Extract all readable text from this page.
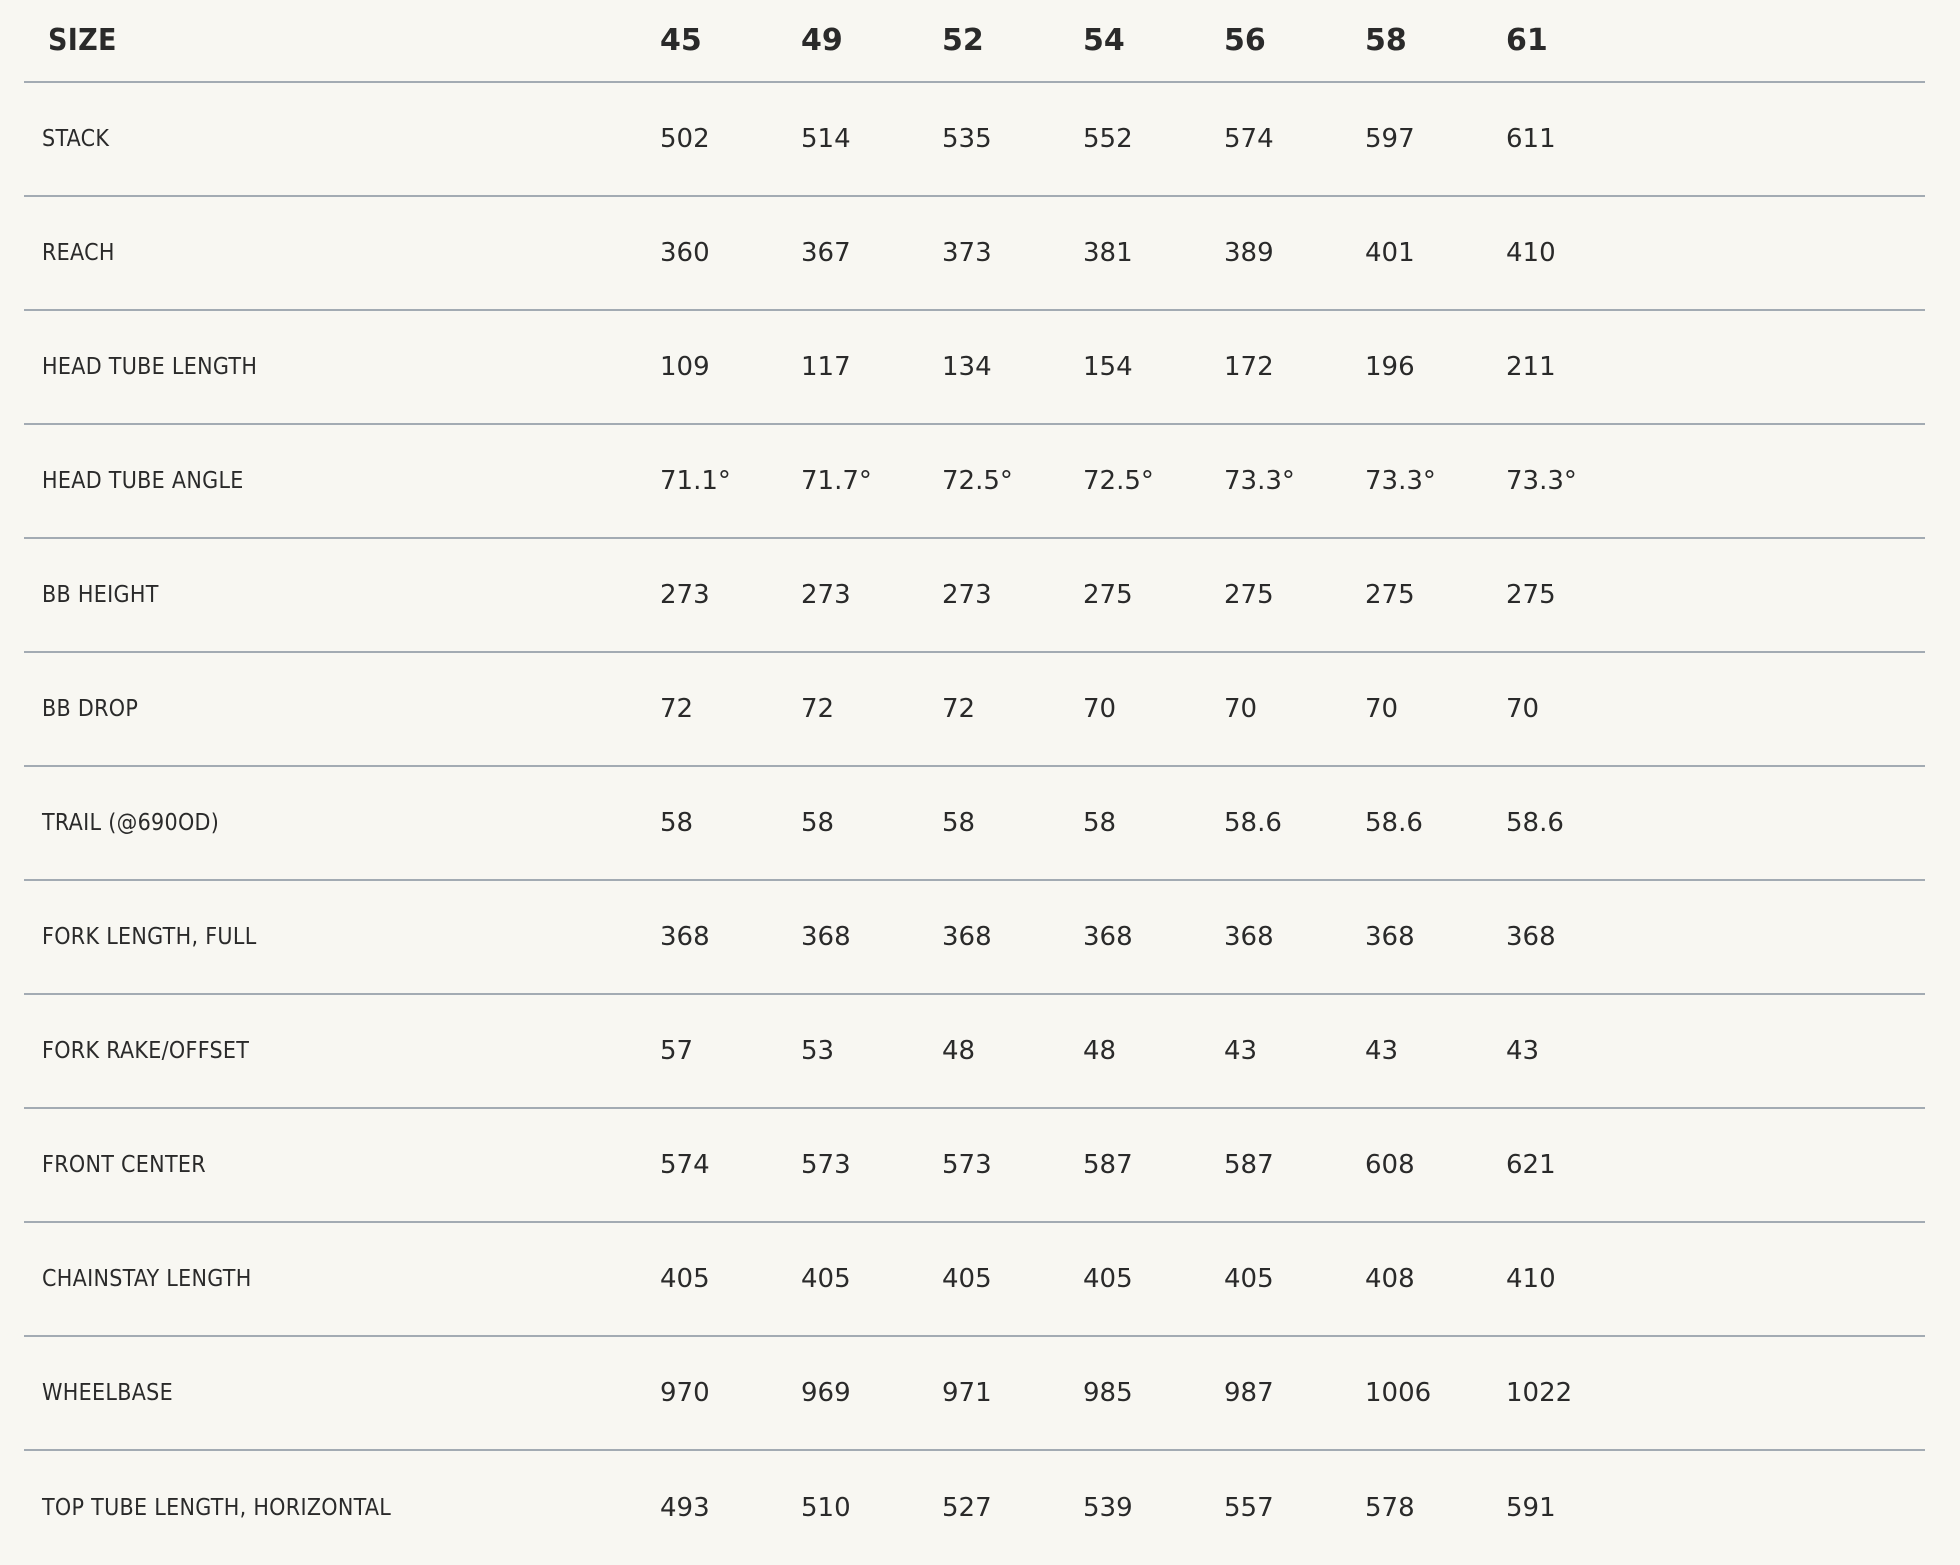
SIZE	45	49	52	54	56	58	61
STACK	502	514	535	552	574	597	611
REACH	360	367	373	381	389	401	410
HEAD TUBE LENGTH	109	117	134	154	172	196	211
HEAD TUBE ANGLE	71.1°	71.7°	72.5°	72.5°	73.3°	73.3°	73.3°
BB HEIGHT	273	273	273	275	275	275	275
BB DROP	72	72	72	70	70	70	70
TRAIL (@690OD)	58	58	58	58	58.6	58.6	58.6
FORK LENGTH, FULL	368	368	368	368	368	368	368
FORK RAKE/OFFSET	57	53	48	48	43	43	43
FRONT CENTER	574	573	573	587	587	608	621
CHAINSTAY LENGTH	405	405	405	405	405	408	410
WHEELBASE	970	969	971	985	987	1006	1022
TOP TUBE LENGTH, HORIZONTAL	493	510	527	539	557	578	591
